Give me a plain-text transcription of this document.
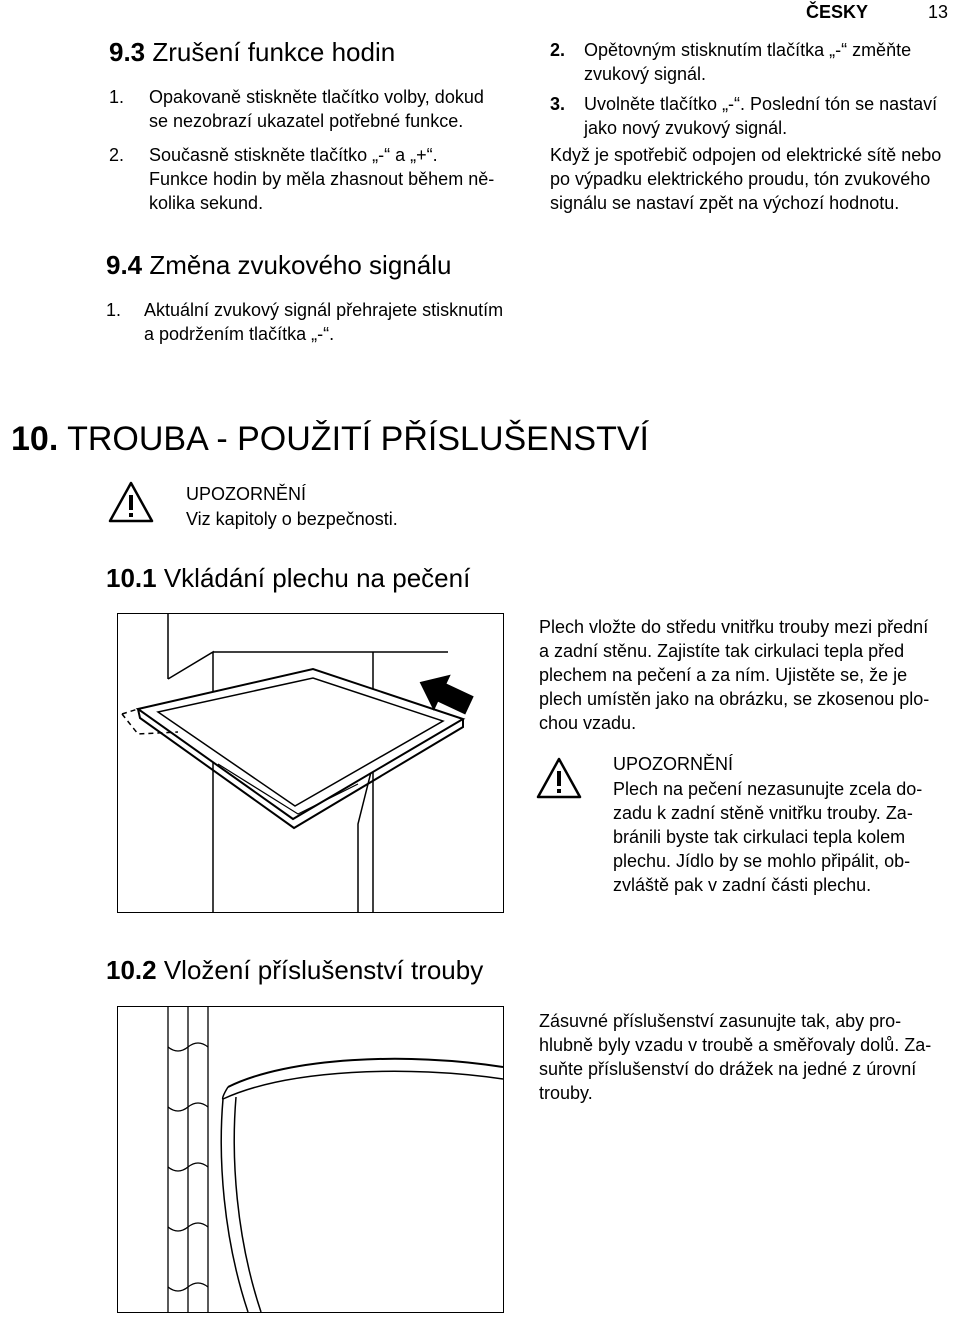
ČESKY	13
9.3 Zrušení funkce hodin
1. Opakovaně stiskněte tlačítko volby, dokud
se nezobrazí ukazatel potřebné funkce.
2. Současně stiskněte tlačítko „-“ a „+“.
Funkce hodin by měla zhasnout během ně-
kolika sekund.
2. Opětovným stisknutím tlačítka „-“ změňte
zvukový signál.
3. Uvolněte tlačítko „-“. Poslední tón se nastaví
jako nový zvukový signál.
Když je spotřebič odpojen od elektrické sítě nebo
po výpadku elektrického proudu, tón zvukového
signálu se nastaví zpět na výchozí hodnotu.
9.4 Změna zvukového signálu
1. Aktuální zvukový signál přehrajete stisknutím
a podržením tlačítka „-“.
10. TROUBA - POUŽITÍ PŘÍSLUŠENSTVÍ
UPOZORNĚNÍ
Viz kapitoly o bezpečnosti.
10.1 Vkládání plechu na pečení
Plech vložte do středu vnitřku trouby mezi přední
a zadní stěnu. Zajistíte tak cirkulaci tepla před
plechem na pečení a za ním. Ujistěte se, že je
plech umístěn jako na obrázku, se zkosenou plo-
chou vzadu.
UPOZORNĚNÍ
Plech na pečení nezasunujte zcela do-
zadu k zadní stěně vnitřku trouby. Za-
bránili byste tak cirkulaci tepla kolem
plechu. Jídlo by se mohlo připálit, ob-
zvláště pak v zadní části plechu.
10.2 Vložení příslušenství trouby
Zásuvné příslušenství zasunujte tak, aby pro-
hlubně byly vzadu v troubě a směřovaly dolů. Za-
suňte příslušenství do drážek na jedné z úrovní
trouby.
